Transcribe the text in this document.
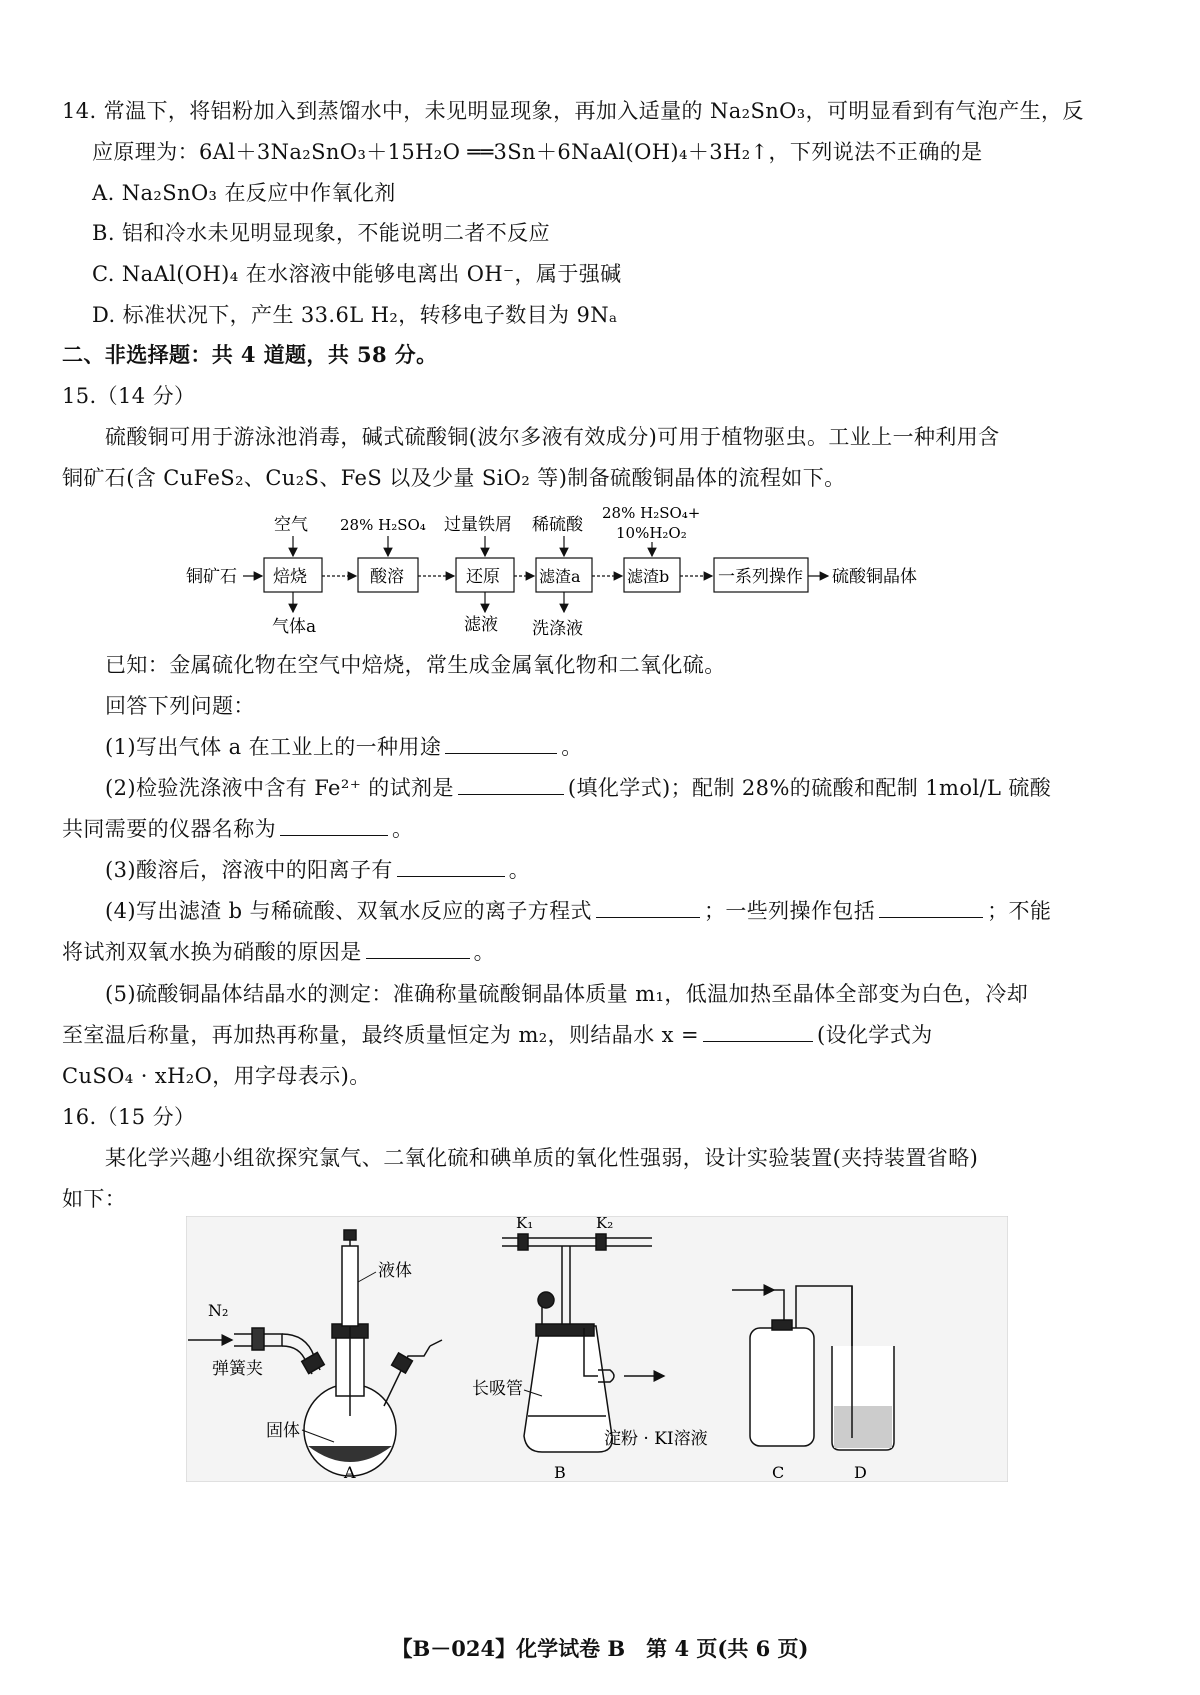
14. 常温下，将铝粉加入到蒸馏水中，未见明显现象，再加入适量的 Na₂SnO₃，可明显看到有气泡产生，反
应原理为：6Al＋3Na₂SnO₃＋15H₂O ══3Sn＋6NaAl(OH)₄＋3H₂↑，下列说法不正确的是
A. Na₂SnO₃ 在反应中作氧化剂
B. 铝和冷水未见明显现象，不能说明二者不反应
C. NaAl(OH)₄ 在水溶液中能够电离出 OH⁻，属于强碱
D. 标准状况下，产生 33.6L H₂，转移电子数目为 9Nₐ
二、非选择题：共 4 道题，共 58 分。
15.（14 分）
硫酸铜可用于游泳池消毒，碱式硫酸铜(波尔多液有效成分)可用于植物驱虫。工业上一种利用含
铜矿石(含 CuFeS₂、Cu₂S、FeS 以及少量 SiO₂ 等)制备硫酸铜晶体的流程如下。
铜矿石 焙烧	酸溶	还原 滤渣a	滤渣b	一系列操作 硫酸铜晶体
空气 28% H₂SO₄ 过量铁屑 稀硫酸
28% H₂SO₄+
10%H₂O₂
气体a	滤液 洗涤液
已知：金属硫化物在空气中焙烧，常生成金属氧化物和二氧化硫。
回答下列问题：
(1)写出气体 a 在工业上的一种用途	。
(2)检验洗涤液中含有 Fe²⁺ 的试剂是	(填化学式)；配制 28%的硫酸和配制 1mol/L 硫酸
共同需要的仪器名称为	。
(3)酸溶后，溶液中的阳离子有	。
(4)写出滤渣 b 与稀硫酸、双氧水反应的离子方程式	；一些列操作包括	；不能
将试剂双氧水换为硝酸的原因是	。
(5)硫酸铜晶体结晶水的测定：准确称量硫酸铜晶体质量 m₁，低温加热至晶体全部变为白色，冷却
至室温后称量，再加热再称量，最终质量恒定为 m₂，则结晶水 x =	(设化学式为
CuSO₄ · xH₂O，用字母表示)。
16.（15 分）
某化学兴趣小组欲探究氯气、二氧化硫和碘单质的氧化性强弱，设计实验装置(夹持装置省略)
如下：
N₂
弹簧夹
液体
固体
A
K₁	K₂
长吸管
淀粉 · KI溶液
B	C	D
【B－024】化学试卷 B　第 4 页(共 6 页)
